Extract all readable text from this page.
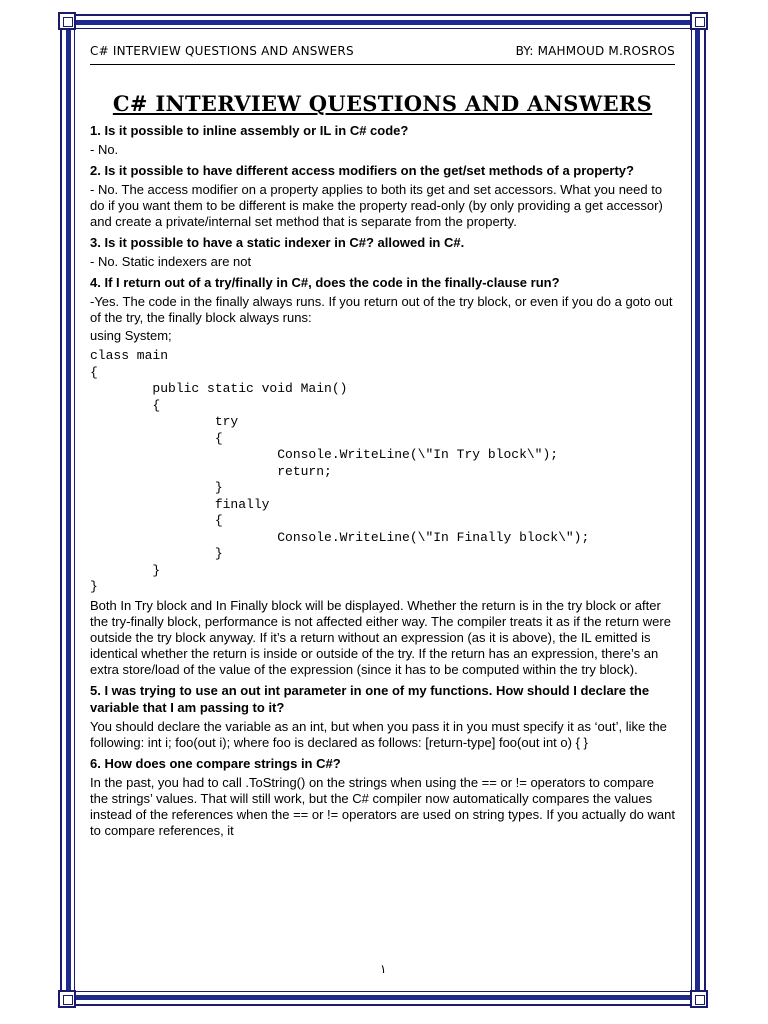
C# INTERVIEW QUESTIONS AND ANSWERS	BY: MAHMOUD M.ROSROS
C# INTERVIEW QUESTIONS AND ANSWERS
1. Is it possible to inline assembly or IL in C# code?
- No.
2. Is it possible to have different access modifiers on the get/set methods of a property?
- No. The access modifier on a property applies to both its get and set accessors. What you need to do if you want them to be different is make the property read-only (by only providing a get accessor) and create a private/internal set method that is separate from the property.
3. Is it possible to have a static indexer in C#? allowed in C#.
- No. Static indexers are not
4. If I return out of a try/finally in C#, does the code in the finally-clause run?
-Yes. The code in the finally always runs. If you return out of the try block, or even if you do a goto out of the try, the finally block always runs:
using System;
class main
{
public static void Main()
{
try
{
Console.WriteLine(\"In Try block\");
return;
}
finally
{
Console.WriteLine(\"In Finally block\");
}
}
}
Both In Try block and In Finally block will be displayed. Whether the return is in the try block or after the try-finally block, performance is not affected either way. The compiler treats it as if the return were outside the try block anyway. If it’s a return without an expression (as it is above), the IL emitted is identical whether the return is inside or outside of the try. If the return has an expression, there’s an extra store/load of the value of the expression (since it has to be computed within the try block).
5. I was trying to use an out int parameter in one of my functions. How should I declare the variable that I am passing to it?
You should declare the variable as an int, but when you pass it in you must specify it as ‘out’, like the following: int i; foo(out i); where foo is declared as follows: [return-type] foo(out int o) { }
6. How does one compare strings in C#?
In the past, you had to call .ToString() on the strings when using the == or != operators to compare the strings’ values. That will still work, but the C# compiler now automatically compares the values instead of the references when the == or != operators are used on string types. If you actually do want to compare references, it
١
